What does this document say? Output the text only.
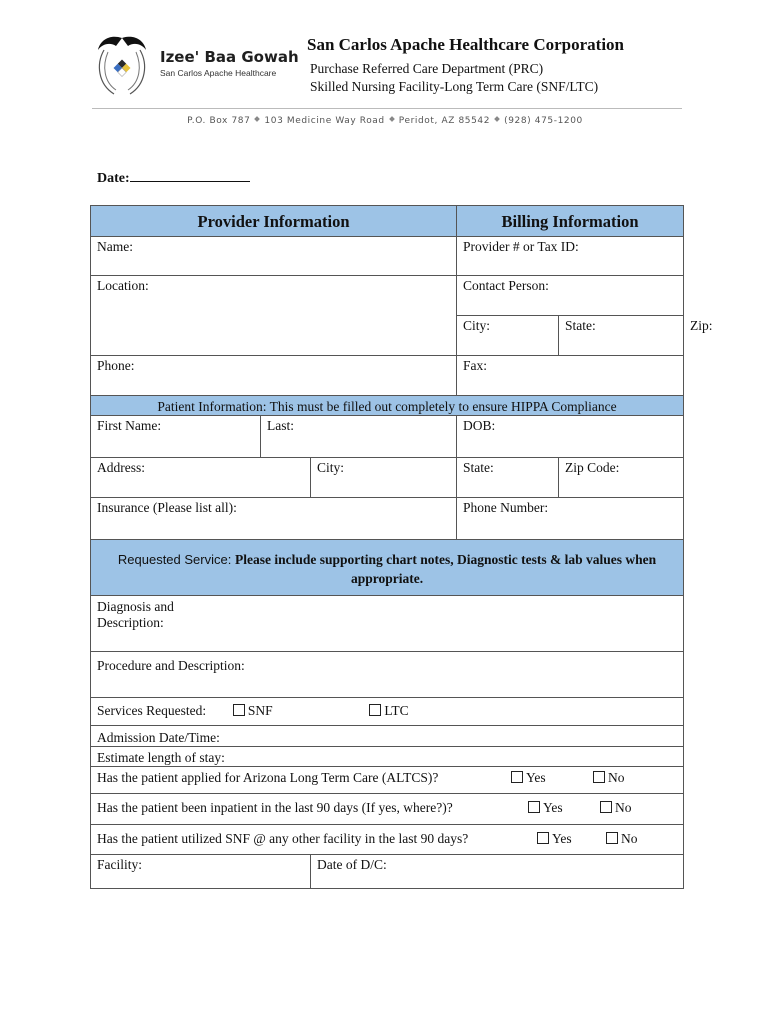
Izee' Baa Gowah
San Carlos Apache Healthcare
San Carlos Apache Healthcare Corporation
Purchase Referred Care Department (PRC)
Skilled Nursing Facility-Long Term Care (SNF/LTC)
P.O. Box 787 103 Medicine Way Road Peridot, AZ 85542 (928) 475-1200
Date:
Provider Information			Billing Information		
Name:			Provider # or Tax ID:		
Location:			Contact Person:		
			City:	State:	Zip:
Phone:			Fax:		
Patient Information: This must be filled out completely to ensure HIPPA Compliance					
First Name:	Last:		DOB:		
Address:		City:	State:	Zip Code:	
Insurance (Please list all):			Phone Number:		
Requested Service: Please include supporting chart notes, Diagnostic tests & lab values when appropriate.					
Diagnosis and
Description:					
Procedure and Description:					
Services Requested: SNF LTC					
Admission Date/Time:					
Estimate length of stay:					
Has the patient applied for Arizona Long Term Care (ALTCS)? Yes No					

Has the patient been inpatient in the last 90 days (If yes, where?)? Yes No					

Has the patient utilized SNF @ any other facility in the last 90 days? Yes No					

Facility:		Date of D/C:			
